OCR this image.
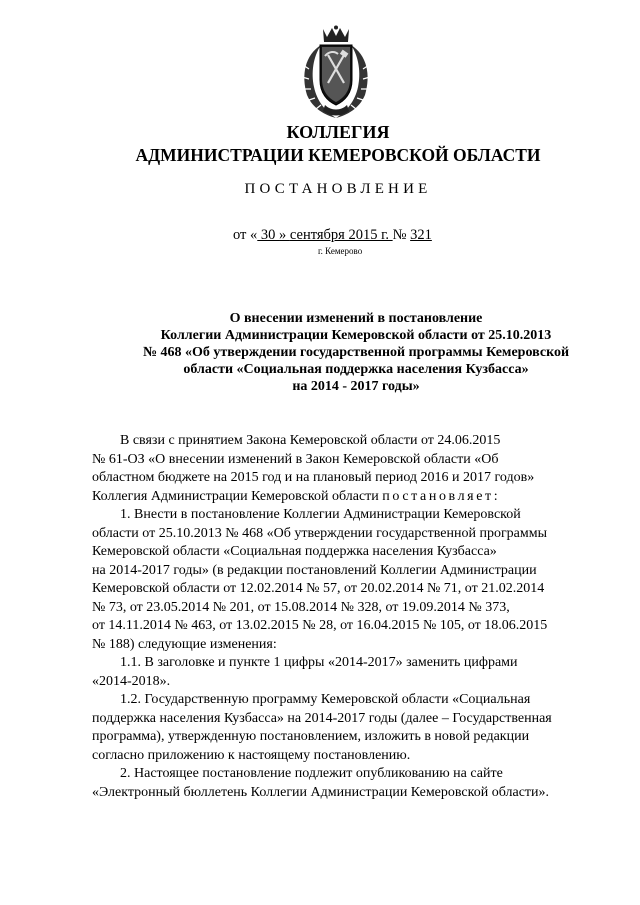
КОЛЛЕГИЯ
АДМИНИСТРАЦИИ КЕМЕРОВСКОЙ ОБЛАСТИ
ПОСТАНОВЛЕНИЕ
от « 30 » сентября 2015 г. № 321
г. Кемерово
О внесении изменений в постановление
Коллегии Администрации Кемеровской области от 25.10.2013
№ 468 «Об утверждении государственной программы Кемеровской
области «Социальная поддержка населения Кузбасса»
на 2014 - 2017 годы»
В связи с принятием Закона Кемеровской области от 24.06.2015
№ 61-ОЗ «О внесении изменений в Закон Кемеровской области «Об
областном бюджете на 2015 год и на плановый период 2016 и 2017 годов»
Коллегия Администрации Кемеровской области
постановляет:
1. Внести в постановление Коллегии Администрации Кемеровской
области от 25.10.2013 № 468 «Об утверждении государственной программы
Кемеровской области «Социальная поддержка населения Кузбасса»
на 2014-2017 годы» (в редакции постановлений Коллегии Администрации
Кемеровской области от 12.02.2014 № 57, от 20.02.2014 № 71, от 21.02.2014
№ 73, от 23.05.2014 № 201, от 15.08.2014 № 328, от 19.09.2014 № 373,
от 14.11.2014 № 463, от 13.02.2015 № 28, от 16.04.2015 № 105, от 18.06.2015
№ 188) следующие изменения:
1.1. В заголовке и пункте 1 цифры «2014-2017» заменить цифрами
«2014-2018».
1.2. Государственную программу Кемеровской области «Социальная
поддержка населения Кузбасса» на 2014-2017 годы (далее – Государственная
программа), утвержденную постановлением, изложить в новой редакции
согласно приложению к настоящему постановлению.
2. Настоящее постановление подлежит опубликованию на сайте
«Электронный бюллетень Коллегии Администрации Кемеровской области».
